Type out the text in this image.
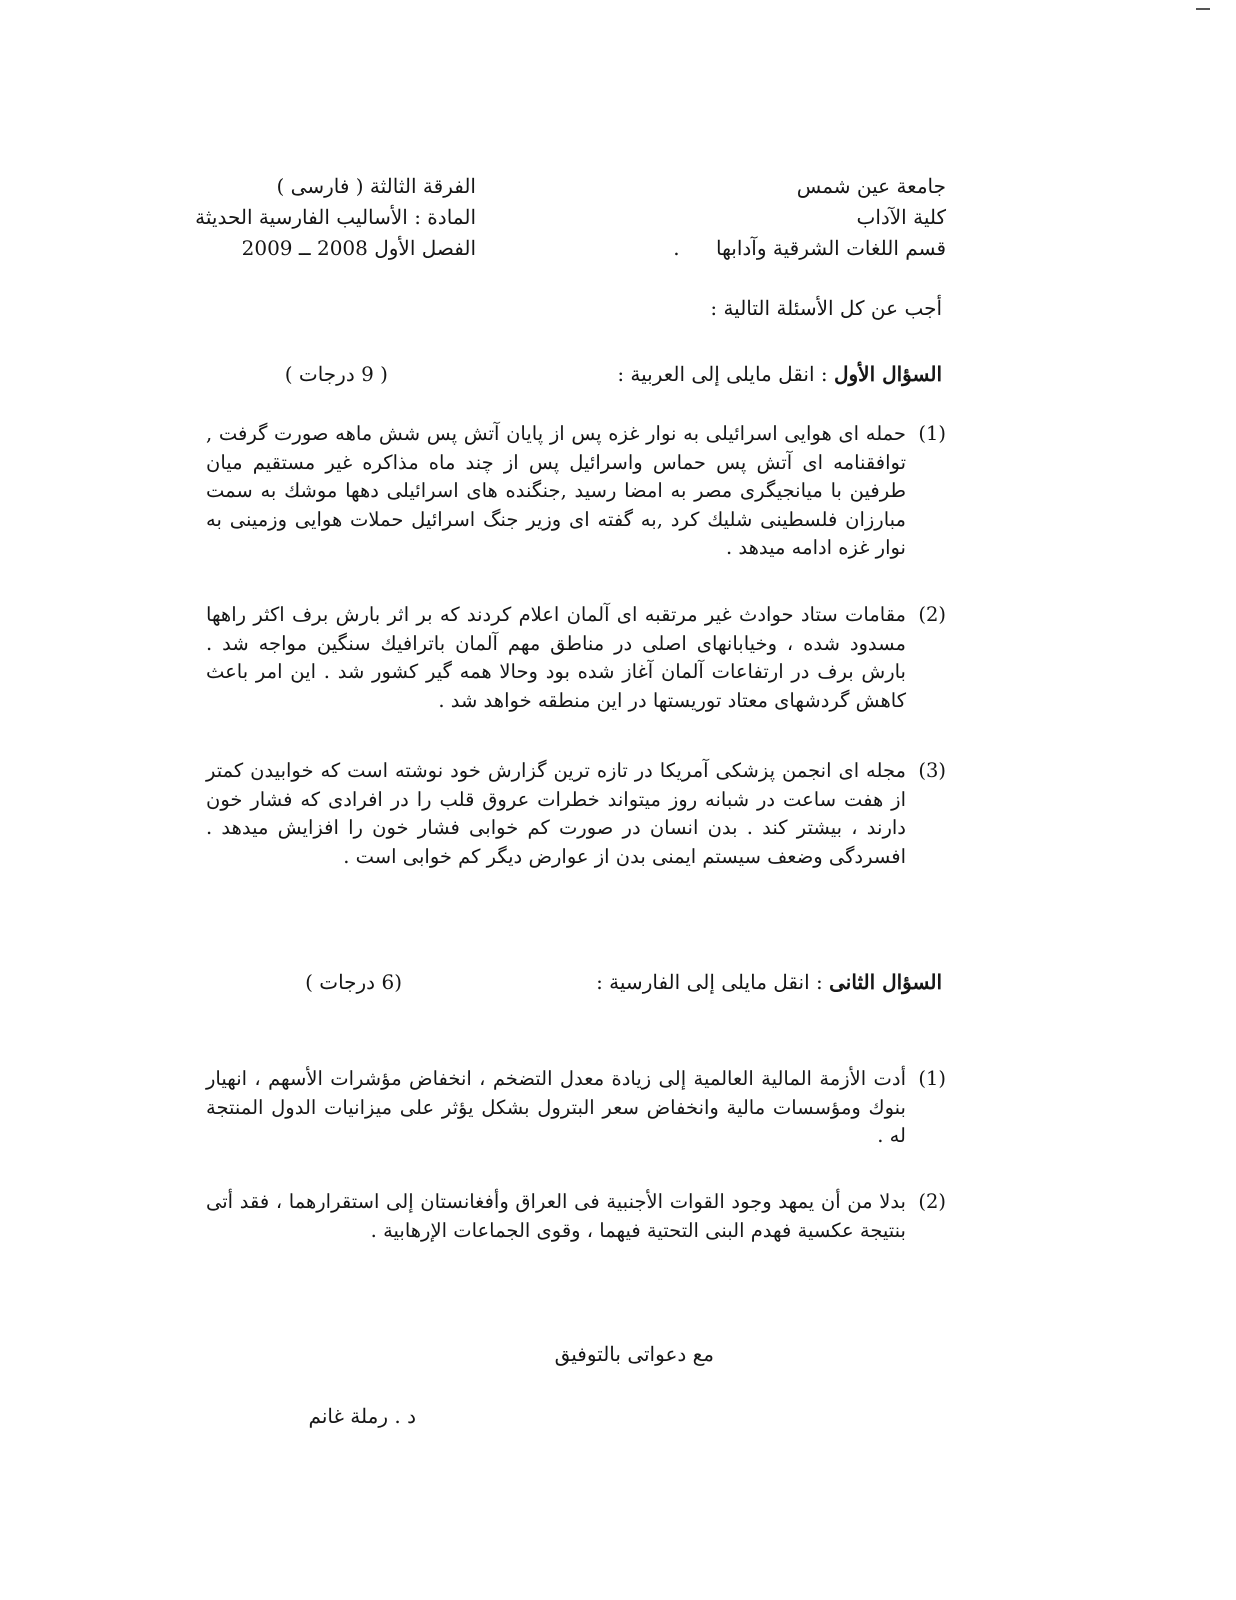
جامعة عين شمس
كلية الآداب
قسم اللغات الشرقية وآدابها .
الفرقة الثالثة ( فارسى )
المادة : الأساليب الفارسية الحديثة
الفصل الأول 2008 ــ 2009
أجب عن كل الأسئلة التالية :
السؤال الأول : انقل مايلى إلى العربية :
( 9 درجات )
(1)
حمله ای هوایی اسرائیلی به نوار غزه پس از پایان آتش پس شش ماهه صورت گرفت , توافقنامه ای آتش پس حماس واسرائیل پس از چند ماه مذاكره غیر مستقیم میان طرفین با میانجیگری مصر به امضا رسید ,جنگنده های اسرائیلی دهها موشك به سمت مبارزان فلسطینی شلیك كرد ,به گفته ای وزیر جنگ اسرائیل حملات هوایی وزمینی به نوار غزه ادامه میدهد .
(2)
مقامات ستاد حوادث غیر مرتقبه ای آلمان اعلام كردند كه بر اثر بارش برف اكثر راهها مسدود شده ، وخیابانهای اصلی در مناطق مهم آلمان باترافیك سنگین مواجه شد . بارش برف در ارتفاعات آلمان آغاز شده بود وحالا همه گیر كشور شد . این امر باعث كاهش گردشهای معتاد توریستها در این منطقه خواهد شد .
(3)
مجله ای انجمن پزشكی آمریكا در تازه ترین گزارش خود نوشته است كه خوابیدن كمتر از هفت ساعت در شبانه روز میتواند خطرات عروق قلب را در افرادی كه فشار خون دارند ، بیشتر كند . بدن انسان در صورت كم خوابی فشار خون را افزایش میدهد . افسردگی وضعف سیستم ایمنی بدن از عوارض دیگر كم خوابی است .
السؤال الثانى : انقل مايلى إلى الفارسية :
(6 درجات )
(1)
أدت الأزمة المالية العالمية إلى زيادة معدل التضخم ، انخفاض مؤشرات الأسهم ، انهيار بنوك ومؤسسات مالية وانخفاض سعر البترول بشكل يؤثر على ميزانيات الدول المنتجة له .
(2)
بدلا من أن يمهد وجود القوات الأجنبية فى العراق وأفغانستان إلى استقرارهما ، فقد أتى بنتيجة عكسية فهدم البنى التحتية فيهما ، وقوى الجماعات الإرهابية .
مع دعواتى بالتوفيق
د . رملة غانم
